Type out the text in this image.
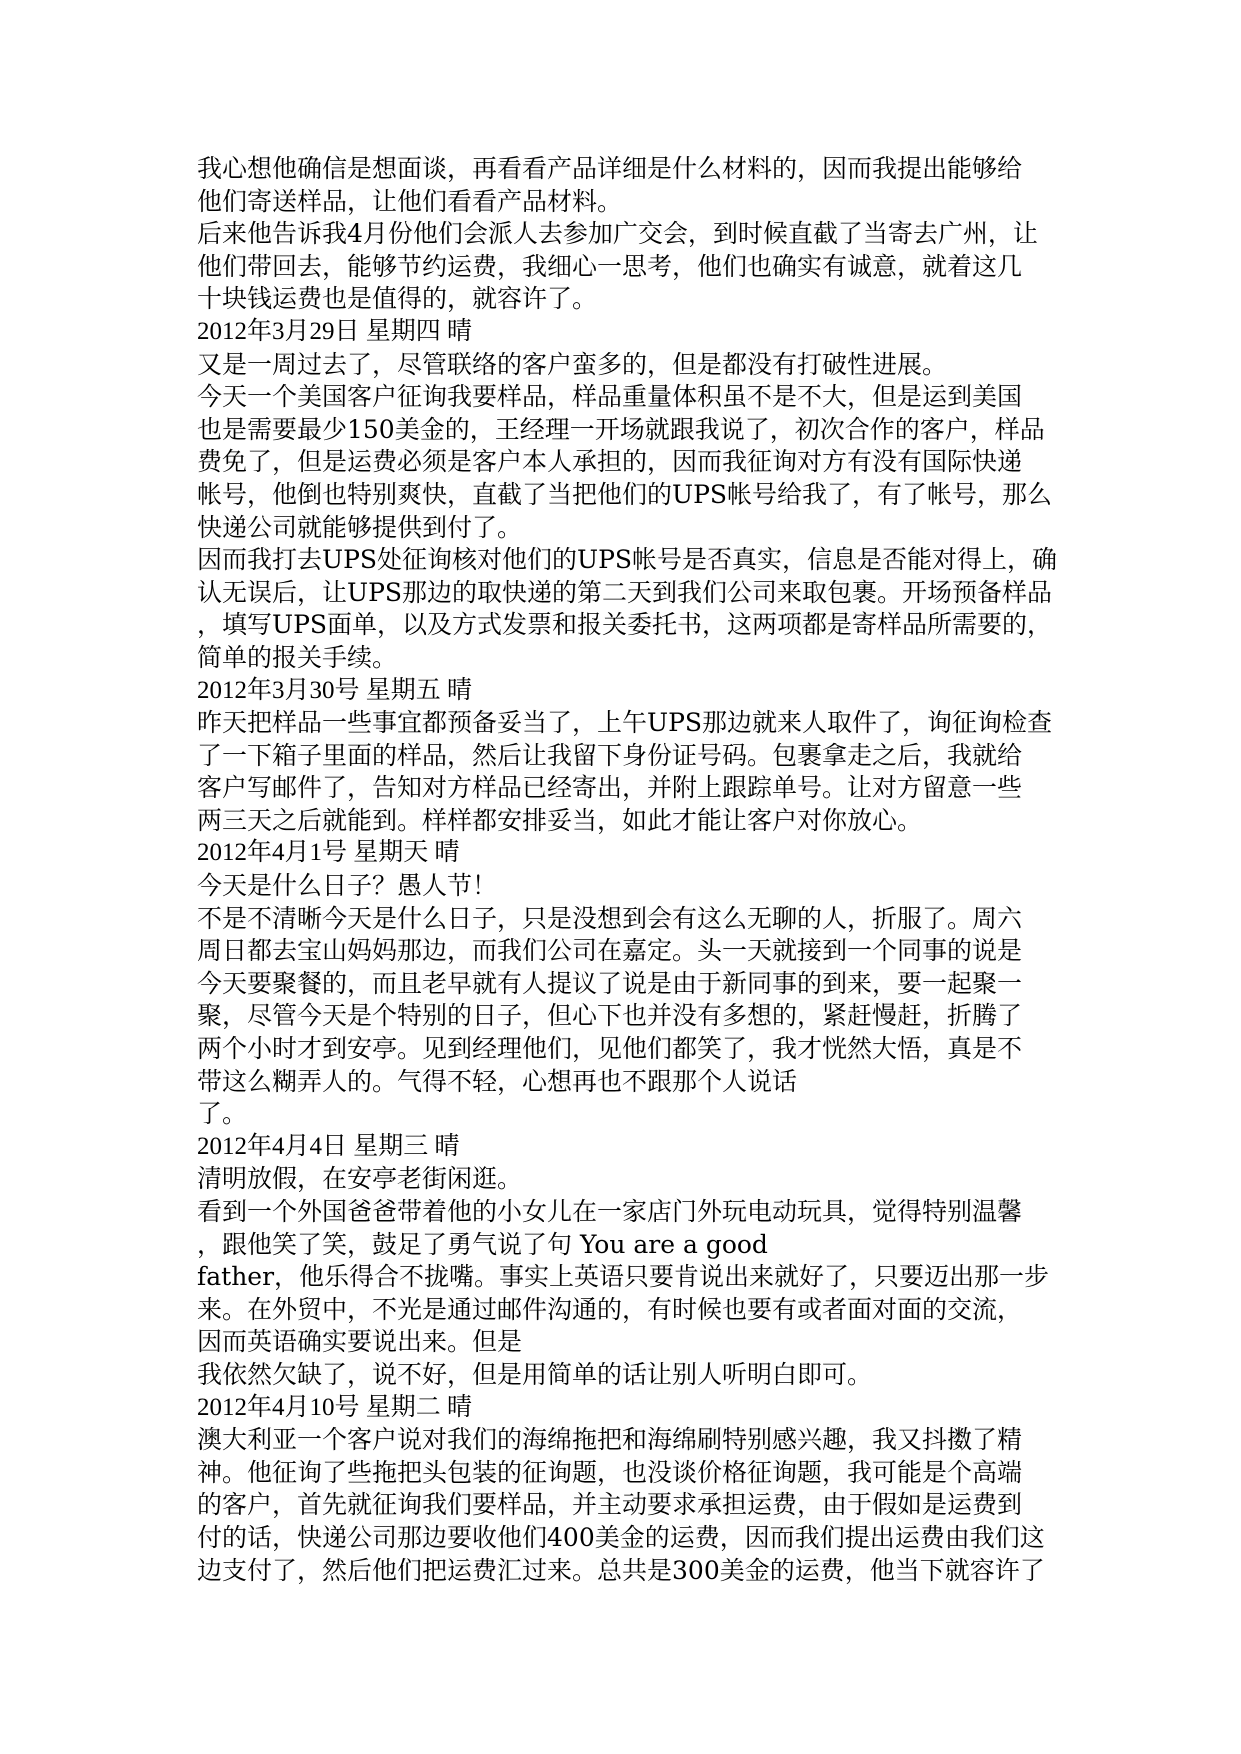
我心想他确信是想面谈，再看看产品详细是什么材料的，因而我提出能够给
他们寄送样品，让他们看看产品材料。
后来他告诉我4月份他们会派人去参加广交会，到时候直截了当寄去广州，让
他们带回去，能够节约运费，我细心一思考，他们也确实有诚意，就着这几
十块钱运费也是值得的，就容许了。
2012年3月29日 星期四 晴
又是一周过去了，尽管联络的客户蛮多的，但是都没有打破性进展。
今天一个美国客户征询我要样品，样品重量体积虽不是不大，但是运到美国
也是需要最少150美金的，王经理一开场就跟我说了，初次合作的客户，样品
费免了，但是运费必须是客户本人承担的，因而我征询对方有没有国际快递
帐号，他倒也特别爽快，直截了当把他们的UPS帐号给我了，有了帐号，那么
快递公司就能够提供到付了。
因而我打去UPS处征询核对他们的UPS帐号是否真实，信息是否能对得上，确
认无误后，让UPS那边的取快递的第二天到我们公司来取包裹。开场预备样品
，填写UPS面单，以及方式发票和报关委托书，这两项都是寄样品所需要的，
简单的报关手续。
2012年3月30号 星期五 晴
昨天把样品一些事宜都预备妥当了，上午UPS那边就来人取件了，询征询检查
了一下箱子里面的样品，然后让我留下身份证号码。包裹拿走之后，我就给
客户写邮件了，告知对方样品已经寄出，并附上跟踪单号。让对方留意一些
两三天之后就能到。样样都安排妥当，如此才能让客户对你放心。
2012年4月1号 星期天 晴
今天是什么日子？愚人节！
不是不清晰今天是什么日子，只是没想到会有这么无聊的人，折服了。周六
周日都去宝山妈妈那边，而我们公司在嘉定。头一天就接到一个同事的说是
今天要聚餐的，而且老早就有人提议了说是由于新同事的到来，要一起聚一
聚，尽管今天是个特别的日子，但心下也并没有多想的，紧赶慢赶，折腾了
两个小时才到安亭。见到经理他们，见他们都笑了，我才恍然大悟，真是不
带这么糊弄人的。气得不轻，心想再也不跟那个人说话
了。
2012年4月4日 星期三 晴
清明放假，在安亭老街闲逛。
看到一个外国爸爸带着他的小女儿在一家店门外玩电动玩具，觉得特别温馨
，跟他笑了笑，鼓足了勇气说了句 You are a good
father，他乐得合不拢嘴。事实上英语只要肯说出来就好了，只要迈出那一步
来。在外贸中，不光是通过邮件沟通的，有时候也要有或者面对面的交流，
因而英语确实要说出来。但是
我依然欠缺了，说不好，但是用简单的话让别人听明白即可。
2012年4月10号 星期二 晴
澳大利亚一个客户说对我们的海绵拖把和海绵刷特别感兴趣，我又抖擞了精
神。他征询了些拖把头包装的征询题，也没谈价格征询题，我可能是个高端
的客户，首先就征询我们要样品，并主动要求承担运费，由于假如是运费到
付的话，快递公司那边要收他们400美金的运费，因而我们提出运费由我们这
边支付了，然后他们把运费汇过来。总共是300美金的运费，他当下就容许了
